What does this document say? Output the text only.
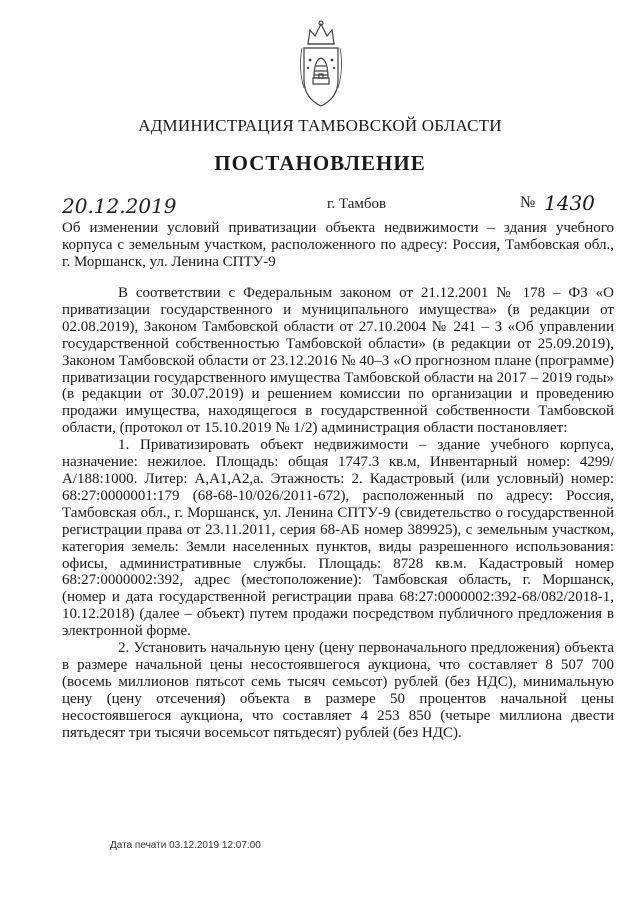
АДМИНИСТРАЦИЯ ТАМБОВСКОЙ ОБЛАСТИ
ПОСТАНОВЛЕНИЕ
20.12.2019	г. Тамбов	№ 1430
Об изменении условий приватизации объекта недвижимости – здания учебного корпуса с земельным участком, расположенного по адресу: Россия, Тамбовская обл., г. Моршанск, ул. Ленина СПТУ-9

В соответствии с Федеральным законом от 21.12.2001 № 178 – ФЗ «О приватизации государственного и муниципального имущества» (в редакции от 02.08.2019), Законом Тамбовской области от 27.10.2004 № 241 – З «Об управлении государственной собственностью Тамбовской области» (в редакции от 25.09.2019), Законом Тамбовской области от 23.12.2016 № 40–З «О прогнозном плане (программе) приватизации государственного имущества Тамбовской области на 2017 – 2019 годы» (в редакции от 30.07.2019) и решением комиссии по организации и проведению продажи имущества, находящегося в государственной собственности Тамбовской области, (протокол от 15.10.2019 № 1/2) администрация области постановляет:

1. Приватизировать объект недвижимости – здание учебного корпуса, назначение: нежилое. Площадь: общая 1747.3 кв.м, Инвентарный номер: 4299/А/188:1000. Литер: А,А1,А2,а. Этажность: 2. Кадастровый (или условный) номер: 68:27:0000001:179 (68-68-10/026/2011-672), расположенный по адресу: Россия, Тамбовская обл., г. Моршанск, ул. Ленина СПТУ-9 (свидетельство о государственной регистрации права от 23.11.2011, серия 68-АБ номер 389925), с земельным участком, категория земель: Земли населенных пунктов, виды разрешенного использования: офисы, административные службы. Площадь: 8728 кв.м. Кадастровый номер 68:27:0000002:392, адрес (местоположение): Тамбовская область, г. Моршанск, (номер и дата государственной регистрации права 68:27:0000002:392-68/082/2018-1, 10.12.2018) (далее – объект) путем продажи посредством публичного предложения в электронной форме.

2. Установить начальную цену (цену первоначального предложения) объекта в размере начальной цены несостоявшегося аукциона, что составляет 8 507 700 (восемь миллионов пятьсот семь тысяч семьсот) рублей (без НДС), минимальную цену (цену отсечения) объекта в размере 50 процентов начальной цены несостоявшегося аукциона, что составляет 4 253 850 (четыре миллиона двести пятьдесят три тысячи восемьсот пятьдесят) рублей (без НДС).

Дата печати 03.12.2019 12:07:00
